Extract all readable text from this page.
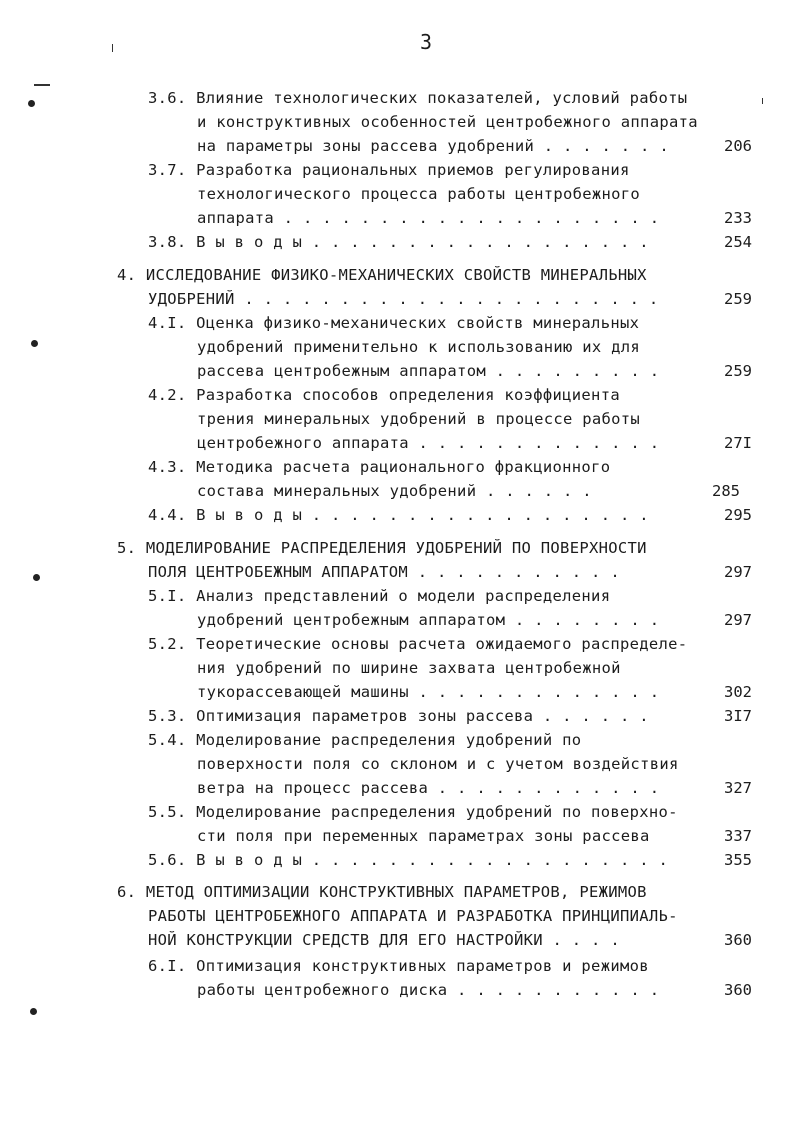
3
3.6. Влияние технологических показателей, условий работы
и конструктивных особенностей центробежного аппарата
на параметры зоны рассева удобрений . . . . . . .	206
3.7. Разработка рациональных приемов регулирования
технологического процесса работы центробежного
аппарата . . . . . . . . . . . . . . . . . . . .	233
3.8. В ы в о д ы . . . . . . . . . . . . . . . . . .	254
4. ИССЛЕДОВАНИЕ ФИЗИКО-МЕХАНИЧЕСКИХ СВОЙСТВ МИНЕРАЛЬНЫХ
УДОБРЕНИЙ . . . . . . . . . . . . . . . . . . . . . .	259
4.I. Оценка физико-механических свойств минеральных
удобрений применительно к использованию их для
рассева центробежным аппаратом . . . . . . . . .	259
4.2. Разработка способов определения коэффициента
трения минеральных удобрений в процессе работы
центробежного аппарата . . . . . . . . . . . . .	27I
4.3. Методика расчета рационального фракционного
состава минеральных удобрений . . . . . .	285
4.4. В ы в о д ы . . . . . . . . . . . . . . . . . .	295
5. МОДЕЛИРОВАНИЕ РАСПРЕДЕЛЕНИЯ УДОБРЕНИЙ ПО ПОВЕРХНОСТИ
ПОЛЯ ЦЕНТРОБЕЖНЫМ АППАРАТОМ . . . . . . . . . . .	297
5.I. Анализ представлений о модели распределения
удобрений центробежным аппаратом . . . . . . . .	297
5.2. Теоретические основы расчета ожидаемого распределе-
ния удобрений по ширине захвата центробежной
тукорассевающей машины . . . . . . . . . . . . .	302
5.3. Оптимизация параметров зоны рассева . . . . . .	3I7
5.4. Моделирование распределения удобрений по
поверхности поля со склоном и с учетом воздействия
ветра на процесс рассева . . . . . . . . . . . .	327
5.5. Моделирование распределения удобрений по поверхно-
сти поля при переменных параметрах зоны рассева	337
5.6. В ы в о д ы . . . . . . . . . . . . . . . . . . .	355
6. МЕТОД ОПТИМИЗАЦИИ КОНСТРУКТИВНЫХ ПАРАМЕТРОВ, РЕЖИМОВ
РАБОТЫ ЦЕНТРОБЕЖНОГО АППАРАТА И РАЗРАБОТКА ПРИНЦИПИАЛЬ-
НОЙ КОНСТРУКЦИИ СРЕДСТВ ДЛЯ ЕГО НАСТРОЙКИ . . . .	360
6.I. Оптимизация конструктивных параметров и режимов
работы центробежного диска . . . . . . . . . . .	360
